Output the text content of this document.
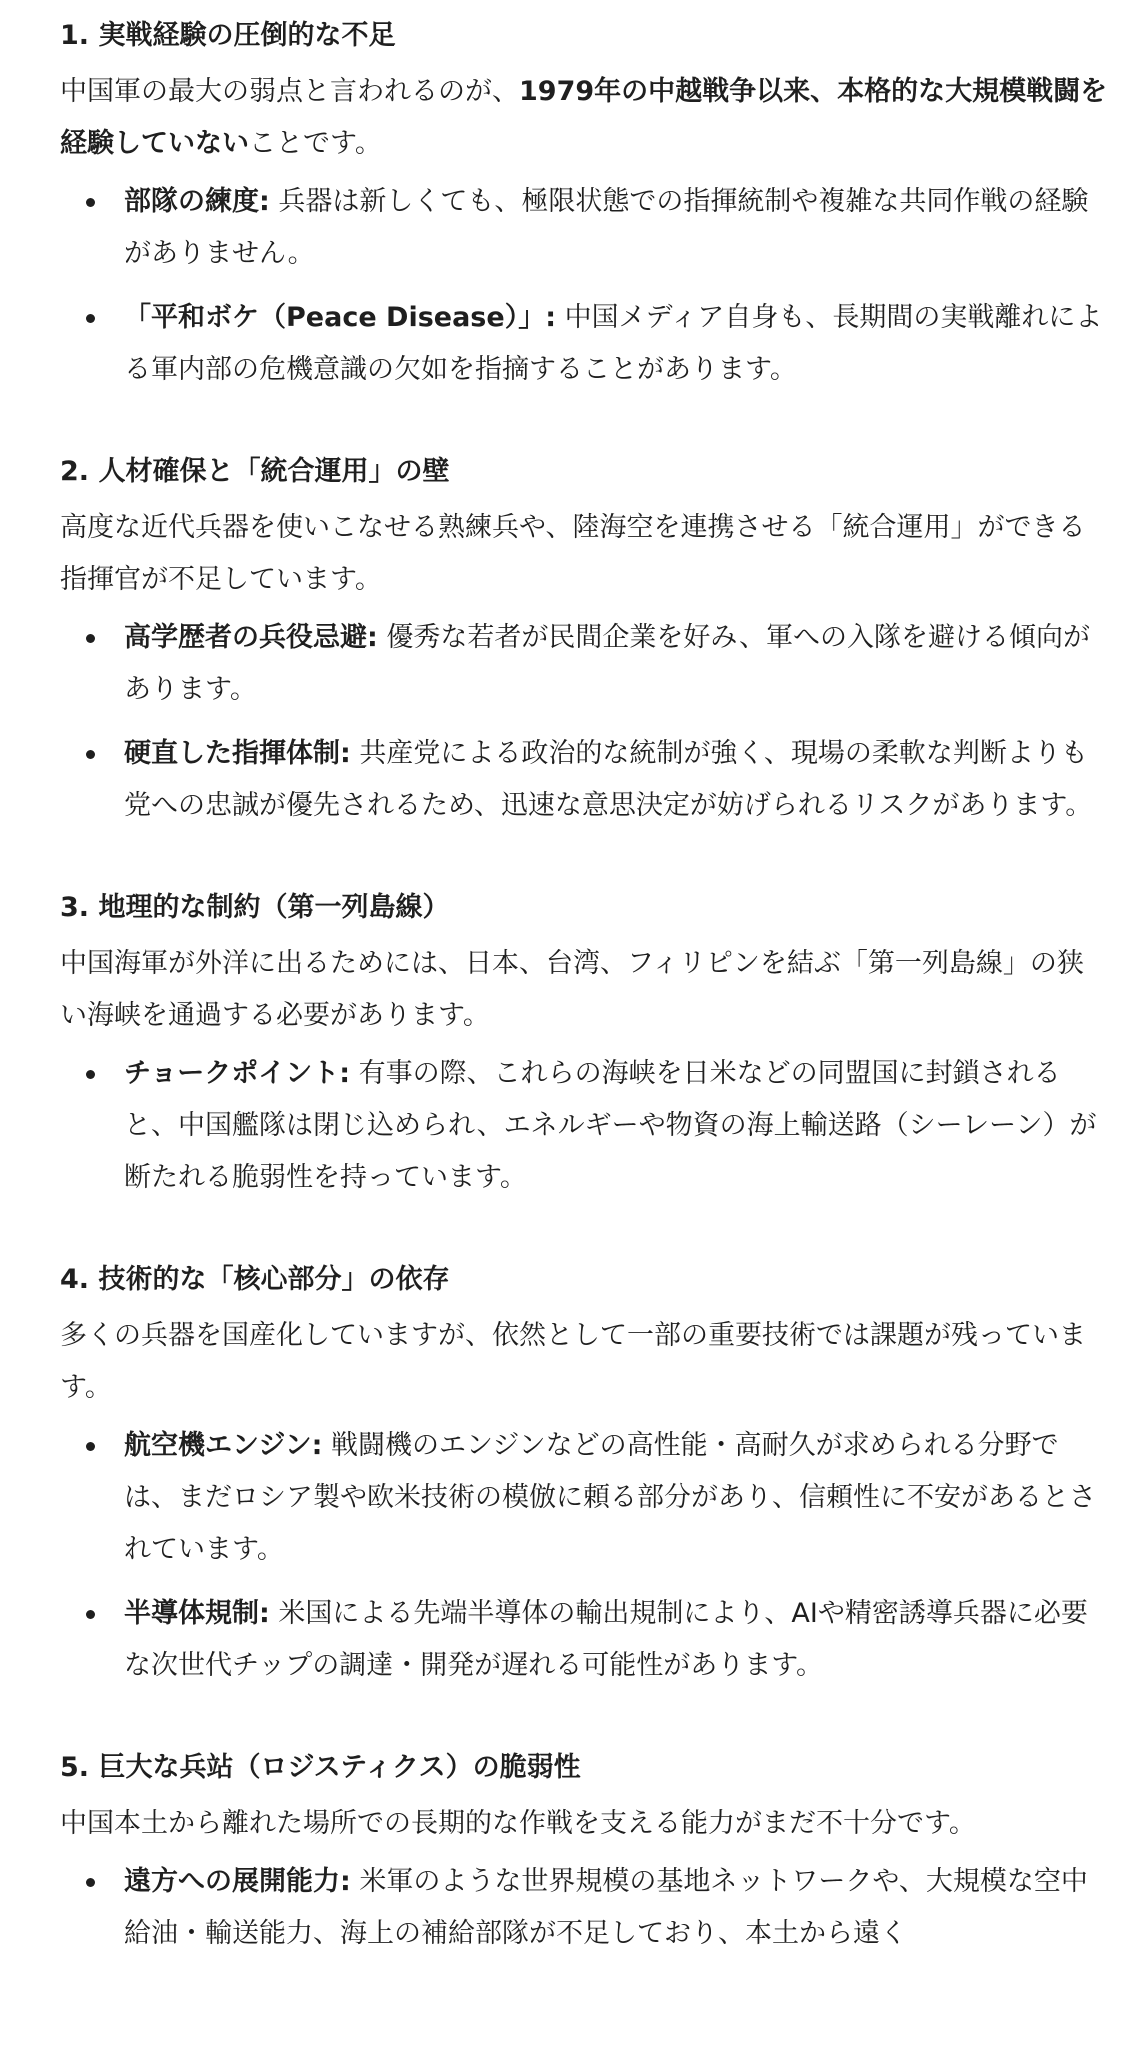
1. 実戦経験の圧倒的な不足
中国軍の最大の弱点と言われるのが、1979年の中越戦争以来、本格的な大規模戦闘を経験していないことです。
部隊の練度: 兵器は新しくても、極限状態での指揮統制や複雑な共同作戦の経験がありません。
「平和ボケ（Peace Disease）」: 中国メディア自身も、長期間の実戦離れによる軍内部の危機意識の欠如を指摘することがあります。
2. 人材確保と「統合運用」の壁
高度な近代兵器を使いこなせる熟練兵や、陸海空を連携させる「統合運用」ができる指揮官が不足しています。
高学歴者の兵役忌避: 優秀な若者が民間企業を好み、軍への入隊を避ける傾向があります。
硬直した指揮体制: 共産党による政治的な統制が強く、現場の柔軟な判断よりも党への忠誠が優先されるため、迅速な意思決定が妨げられるリスクがあります。
3. 地理的な制約（第一列島線）
中国海軍が外洋に出るためには、日本、台湾、フィリピンを結ぶ「第一列島線」の狭い海峡を通過する必要があります。
チョークポイント: 有事の際、これらの海峡を日米などの同盟国に封鎖されると、中国艦隊は閉じ込められ、エネルギーや物資の海上輸送路（シーレーン）が断たれる脆弱性を持っています。
4. 技術的な「核心部分」の依存
多くの兵器を国産化していますが、依然として一部の重要技術では課題が残っています。
航空機エンジン: 戦闘機のエンジンなどの高性能・高耐久が求められる分野では、まだロシア製や欧米技術の模倣に頼る部分があり、信頼性に不安があるとされています。
半導体規制: 米国による先端半導体の輸出規制により、AIや精密誘導兵器に必要な次世代チップの調達・開発が遅れる可能性があります。
5. 巨大な兵站（ロジスティクス）の脆弱性
中国本土から離れた場所での長期的な作戦を支える能力がまだ不十分です。
遠方への展開能力: 米軍のような世界規模の基地ネットワークや、大規模な空中給油・輸送能力、海上の補給部隊が不足しており、本土から遠く
